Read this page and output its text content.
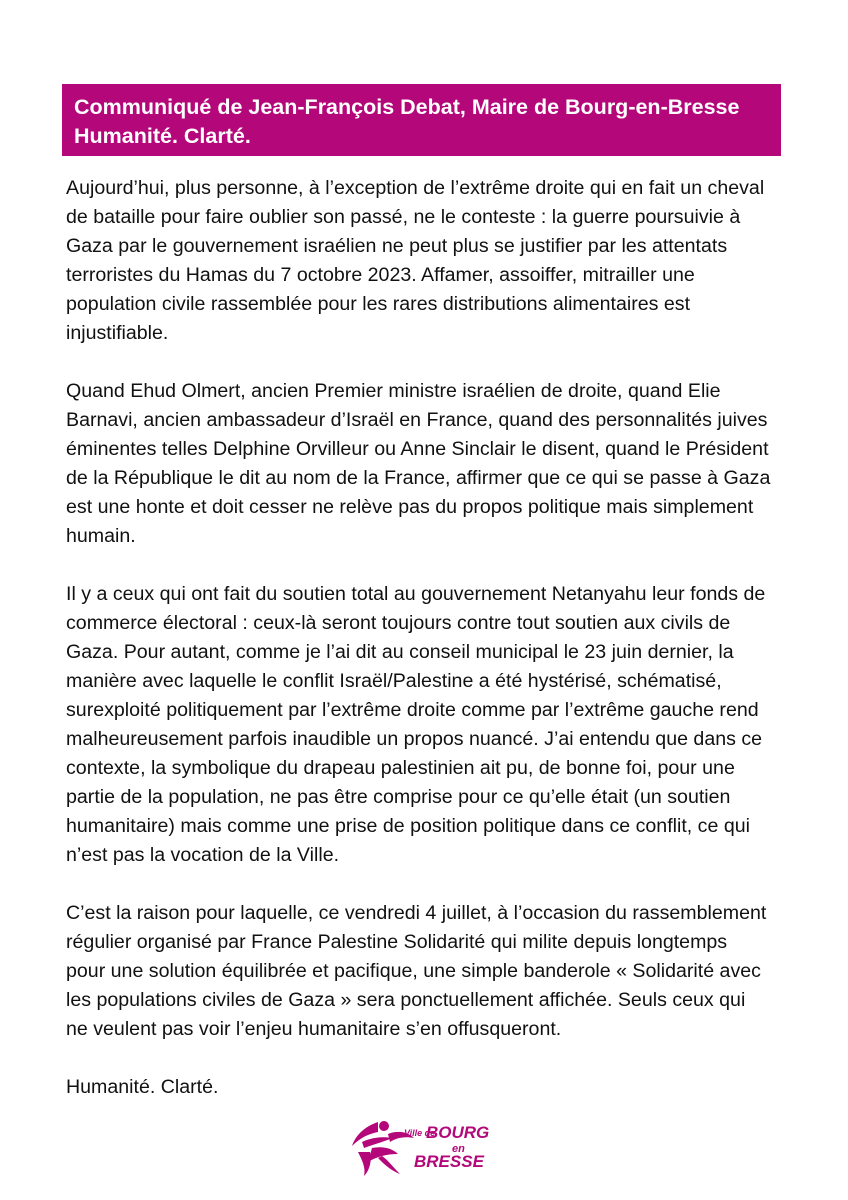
Communiqué de Jean-François Debat, Maire de Bourg-en-Bresse
Humanité. Clarté.
Aujourd’hui, plus personne, à l’exception de l’extrême droite qui en fait un cheval
de bataille pour faire oublier son passé, ne le conteste : la guerre poursuivie à
Gaza par le gouvernement israélien ne peut plus se justifier par les attentats
terroristes du Hamas du 7 octobre 2023. Affamer, assoiffer, mitrailler une
population civile rassemblée pour les rares distributions alimentaires est
injustifiable.
Quand Ehud Olmert, ancien Premier ministre israélien de droite, quand Elie
Barnavi, ancien ambassadeur d’Israël en France, quand des personnalités juives
éminentes telles Delphine Orvilleur ou Anne Sinclair le disent, quand le Président
de la République le dit au nom de la France, affirmer que ce qui se passe à Gaza
est une honte et doit cesser ne relève pas du propos politique mais simplement
humain.
Il y a ceux qui ont fait du soutien total au gouvernement Netanyahu leur fonds de
commerce électoral : ceux-là seront toujours contre tout soutien aux civils de
Gaza. Pour autant, comme je l’ai dit au conseil municipal le 23 juin dernier, la
manière avec laquelle le conflit Israël/Palestine a été hystérisé, schématisé,
surexploité politiquement par l’extrême droite comme par l’extrême gauche rend
malheureusement parfois inaudible un propos nuancé. J’ai entendu que dans ce
contexte, la symbolique du drapeau palestinien ait pu, de bonne foi, pour une
partie de la population, ne pas être comprise pour ce qu’elle était (un soutien
humanitaire) mais comme une prise de position politique dans ce conflit, ce qui
n’est pas la vocation de la Ville.
C’est la raison pour laquelle, ce vendredi 4 juillet, à l’occasion du rassemblement
régulier organisé par France Palestine Solidarité qui milite depuis longtemps
pour une solution équilibrée et pacifique, une simple banderole « Solidarité avec
les populations civiles de Gaza » sera ponctuellement affichée. Seuls ceux qui
ne veulent pas voir l’enjeu humanitaire s’en offusqueront.

Humanité. Clarté.

Ville de
BOURG
en
BRESSE
